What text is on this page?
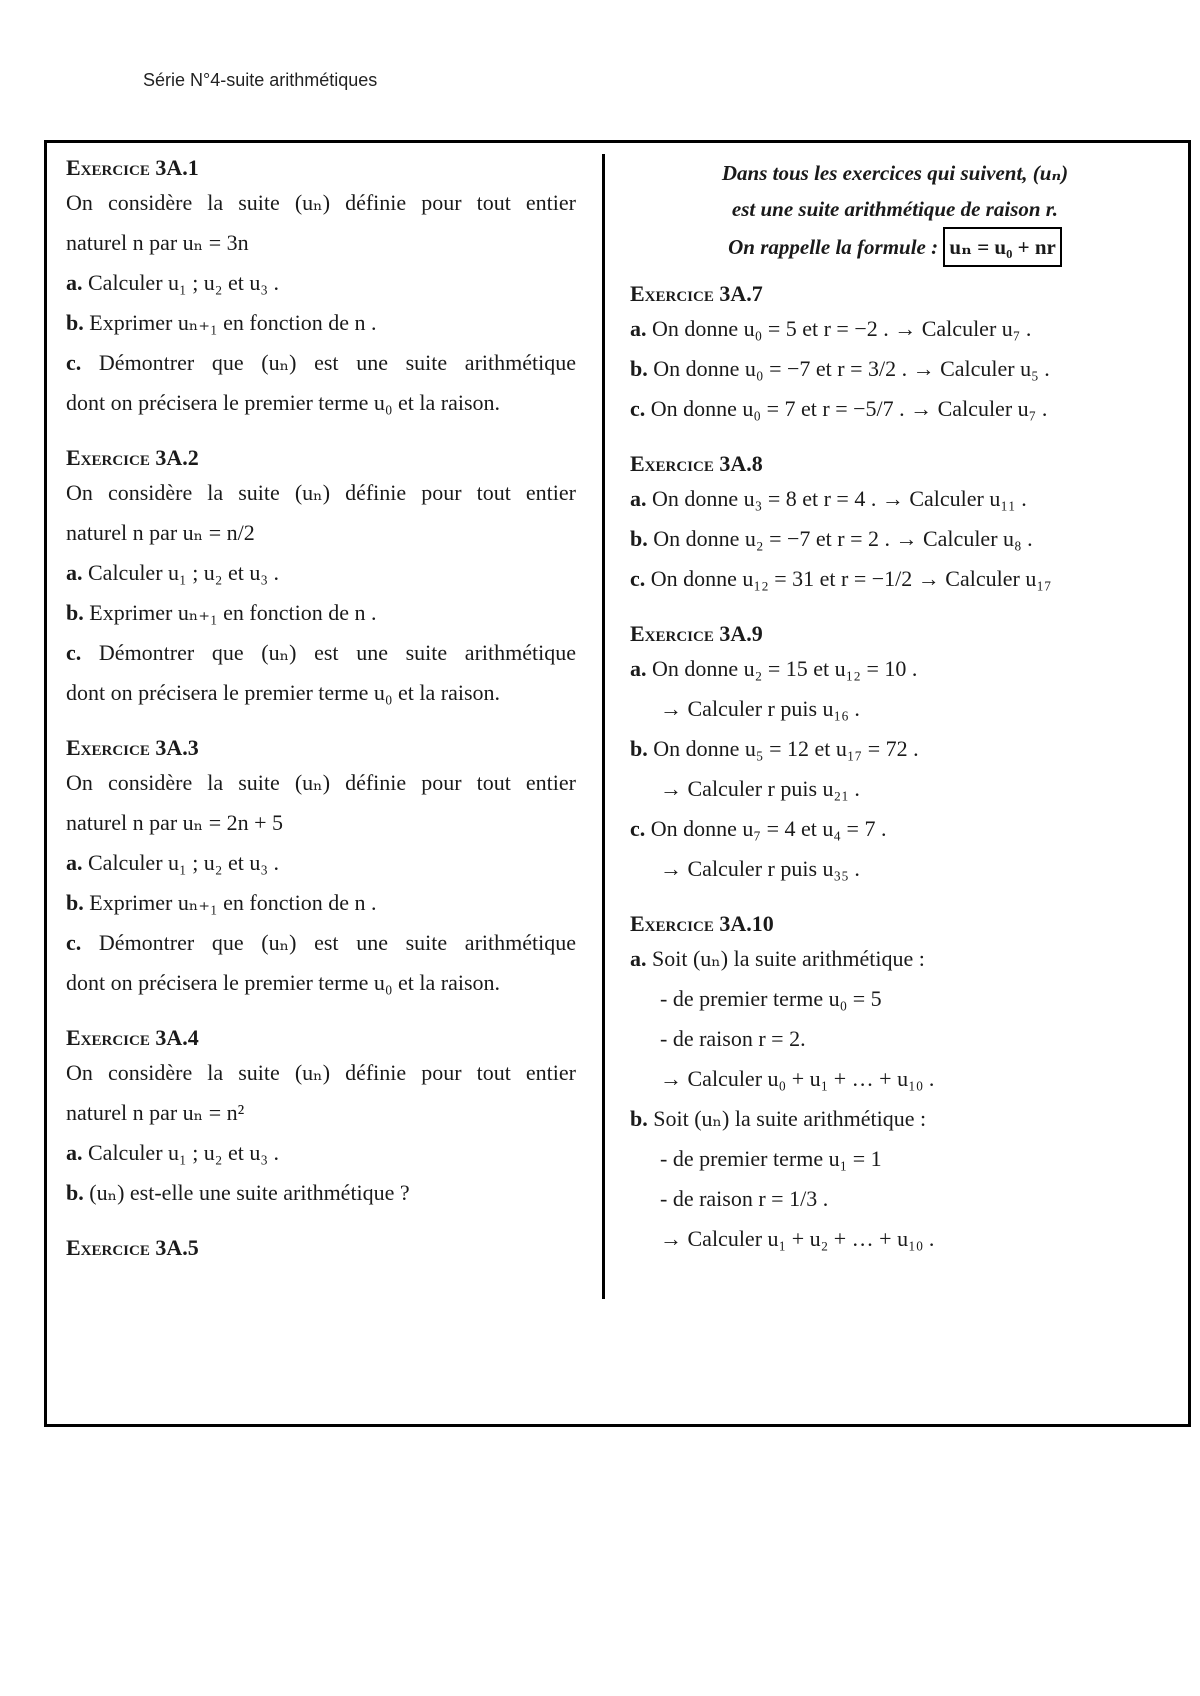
Série N°4-suite arithmétiques
Exercice 3A.1
On considère la suite (uₙ) définie pour tout entier
naturel n par uₙ = 3n
a. Calculer u₁ ; u₂ et u₃ .
b. Exprimer uₙ₊₁ en fonction de n .
c. Démontrer que (uₙ) est une suite arithmétique
dont on précisera le premier terme u₀ et la raison.
Exercice 3A.2
On considère la suite (uₙ) définie pour tout entier
naturel n par uₙ = n/2
a. Calculer u₁ ; u₂ et u₃ .
b. Exprimer uₙ₊₁ en fonction de n .
c. Démontrer que (uₙ) est une suite arithmétique
dont on précisera le premier terme u₀ et la raison.
Exercice 3A.3
On considère la suite (uₙ) définie pour tout entier
naturel n par uₙ = 2n + 5
a. Calculer u₁ ; u₂ et u₃ .
b. Exprimer uₙ₊₁ en fonction de n .
c. Démontrer que (uₙ) est une suite arithmétique
dont on précisera le premier terme u₀ et la raison.
Exercice 3A.4
On considère la suite (uₙ) définie pour tout entier
naturel n par uₙ = n²
a. Calculer u₁ ; u₂ et u₃ .
b. (uₙ) est-elle une suite arithmétique ?
Exercice 3A.5
Dans tous les exercices qui suivent, (uₙ)
est une suite arithmétique de raison r.
On rappelle la formule : uₙ = u₀ + nr
Exercice 3A.7
a. On donne u₀ = 5 et r = −2 . → Calculer u₇ .
b. On donne u₀ = −7 et r = 3/2 . → Calculer u₅ .
c. On donne u₀ = 7 et r = −5/7 . → Calculer u₇ .
Exercice 3A.8
a. On donne u₃ = 8 et r = 4 . → Calculer u₁₁ .
b. On donne u₂ = −7 et r = 2 . → Calculer u₈ .
c. On donne u₁₂ = 31 et r = −1/2 → Calculer u₁₇
Exercice 3A.9
a. On donne u₂ = 15 et u₁₂ = 10 .
→ Calculer r puis u₁₆ .
b. On donne u₅ = 12 et u₁₇ = 72 .
→ Calculer r puis u₂₁ .
c. On donne u₇ = 4 et u₄ = 7 .
→ Calculer r puis u₃₅ .
Exercice 3A.10
a. Soit (uₙ) la suite arithmétique :
- de premier terme u₀ = 5
- de raison r = 2.
→ Calculer u₀ + u₁ + … + u₁₀ .
b. Soit (uₙ) la suite arithmétique :
- de premier terme u₁ = 1
- de raison r = 1/3 .
→ Calculer u₁ + u₂ + … + u₁₀ .
